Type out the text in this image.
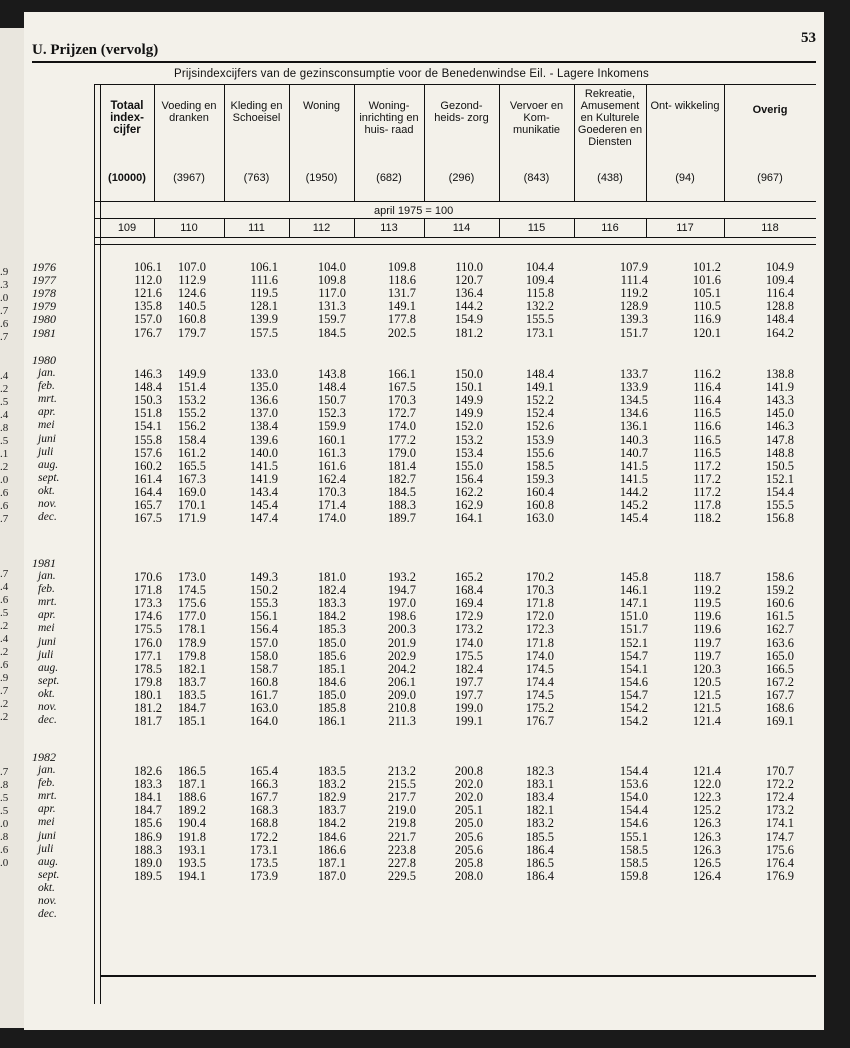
.9
.3
.0
.7
.6
.7
.4
.2
.5
.4
.8
.5
.1
.2
.0
.6
.6
.7
.7
.4
.6
.5
.2
.4
.2
.6
.9
.7
.2
.2
.7
.8
.5
.5
.0
.8
.6
.0
U. Prijzen (vervolg)
53
Prijsindexcijfers van de gezinsconsumptie voor de Benedenwindse Eil. - Lagere Inkomens
april 1975 = 100
Totaal index- cijfer
(10000)
109
Voeding en dranken
(3967)
110
Kleding en Schoeisel
(763)
111
Woning
(1950)
112
Woning- inrichting en huis- raad
(682)
113
Gezond- heids- zorg
(296)
114
Vervoer en Kom- munikatie
(843)
115
Rekreatie, Amusement en Kulturele Goederen en Diensten
(438)
116
Ont- wikkeling
(94)
117
Overig
(967)
118
1976
1977
1978
1979
1980
1981
106.1
112.0
121.6
135.8
157.0
176.7
107.0
112.9
124.6
140.5
160.8
179.7
106.1
111.6
119.5
128.1
139.9
157.5
104.0
109.8
117.0
131.3
159.7
184.5
109.8
118.6
131.7
149.1
177.8
202.5
110.0
120.7
136.4
144.2
154.9
181.2
104.4
109.4
115.8
132.2
155.5
173.1
107.9
111.4
119.2
128.9
139.3
151.7
101.2
101.6
105.1
110.5
116.9
120.1
104.9
109.4
116.4
128.8
148.4
164.2
1980
jan.
feb.
mrt.
apr.
mei
juni
juli
aug.
sept.
okt.
nov.
dec.
146.3
148.4
150.3
151.8
154.1
155.8
157.6
160.2
161.4
164.4
165.7
167.5
149.9
151.4
153.2
155.2
156.2
158.4
161.2
165.5
167.3
169.0
170.1
171.9
133.0
135.0
136.6
137.0
138.4
139.6
140.0
141.5
141.9
143.4
145.4
147.4
143.8
148.4
150.7
152.3
159.9
160.1
161.3
161.6
162.4
170.3
171.4
174.0
166.1
167.5
170.3
172.7
174.0
177.2
179.0
181.4
182.7
184.5
188.3
189.7
150.0
150.1
149.9
149.9
152.0
153.2
153.4
155.0
156.4
162.2
162.9
164.1
148.4
149.1
152.2
152.4
152.6
153.9
155.6
158.5
159.3
160.4
160.8
163.0
133.7
133.9
134.5
134.6
136.1
140.3
140.7
141.5
141.5
144.2
145.2
145.4
116.2
116.4
116.4
116.5
116.6
116.5
116.5
117.2
117.2
117.2
117.8
118.2
138.8
141.9
143.3
145.0
146.3
147.8
148.8
150.5
152.1
154.4
155.5
156.8
1981
jan.
feb.
mrt.
apr.
mei
juni
juli
aug.
sept.
okt.
nov.
dec.
170.6
171.8
173.3
174.6
175.5
176.0
177.1
178.5
179.8
180.1
181.2
181.7
173.0
174.5
175.6
177.0
178.1
178.9
179.8
182.1
183.7
183.5
184.7
185.1
149.3
150.2
155.3
156.1
156.4
157.0
158.0
158.7
160.8
161.7
163.0
164.0
181.0
182.4
183.3
184.2
185.3
185.0
185.6
185.1
184.6
185.0
185.8
186.1
193.2
194.7
197.0
198.6
200.3
201.9
202.9
204.2
206.1
209.0
210.8
211.3
165.2
168.4
169.4
172.9
173.2
174.0
175.5
182.4
197.7
197.7
199.0
199.1
170.2
170.3
171.8
172.0
172.3
171.8
174.0
174.5
174.4
174.5
175.2
176.7
145.8
146.1
147.1
151.0
151.7
152.1
154.7
154.1
154.6
154.7
154.2
154.2
118.7
119.2
119.5
119.6
119.6
119.7
119.7
120.3
120.5
121.5
121.5
121.4
158.6
159.2
160.6
161.5
162.7
163.6
165.0
166.5
167.2
167.7
168.6
169.1
1982
jan.
feb.
mrt.
apr.
mei
juni
juli
aug.
sept.
okt.
nov.
dec.
182.6
183.3
184.1
184.7
185.6
186.9
188.3
189.0
189.5
186.5
187.1
188.6
189.2
190.4
191.8
193.1
193.5
194.1
165.4
166.3
167.7
168.3
168.8
172.2
173.1
173.5
173.9
183.5
183.2
182.9
183.7
184.2
184.6
186.6
187.1
187.0
213.2
215.5
217.7
219.0
219.8
221.7
223.8
227.8
229.5
200.8
202.0
202.0
205.1
205.0
205.6
205.6
205.8
208.0
182.3
183.1
183.4
182.1
183.2
185.5
186.4
186.5
186.4
154.4
153.6
154.0
154.4
154.6
155.1
158.5
158.5
159.8
121.4
122.0
122.3
125.2
126.3
126.3
126.3
126.5
126.4
170.7
172.2
172.4
173.2
174.1
174.7
175.6
176.4
176.9
